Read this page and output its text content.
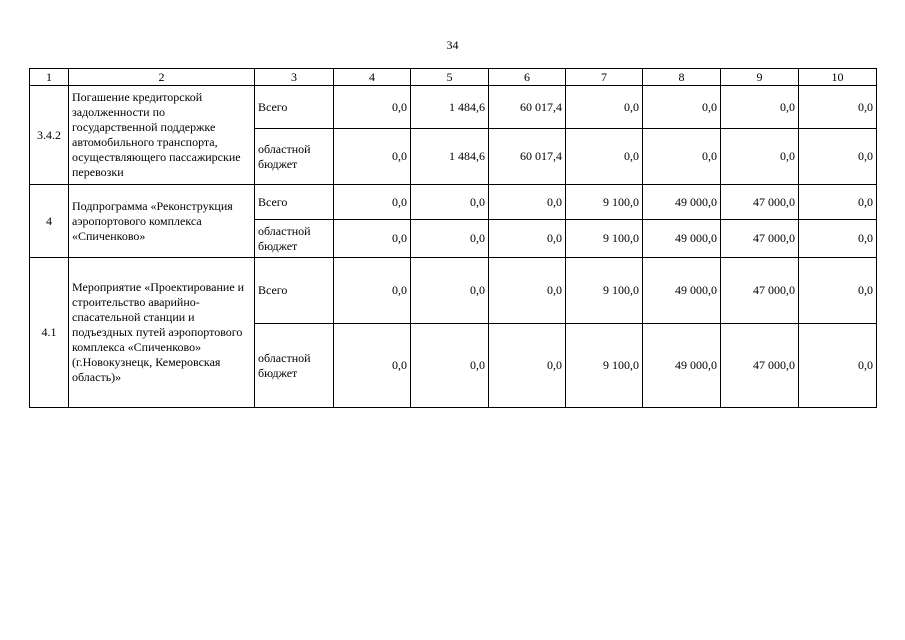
34
1	2	3	4	5	6	7	8	9	10
3.4.2	Погашение кредиторской задолженности по государственной поддержке автомобильного транспорта, осуществляющего пассажирские перевозки	Всего	0,0	1 484,6	60 017,4	0,0	0,0	0,0	0,0
		областной бюджет	0,0	1 484,6	60 017,4	0,0	0,0	0,0	0,0
4	Подпрограмма «Реконструкция аэропортового комплекса «Спиченково»	Всего	0,0	0,0	0,0	9 100,0	49 000,0	47 000,0	0,0
		областной бюджет	0,0	0,0	0,0	9 100,0	49 000,0	47 000,0	0,0
4.1	Мероприятие «Проектирование и строительство аварийно-спасательной станции и подъездных путей аэропортового комплекса «Спиченково» (г.Новокузнецк, Кемеровская область)»	Всего	0,0	0,0	0,0	9 100,0	49 000,0	47 000,0	0,0
		областной бюджет	0,0	0,0	0,0	9 100,0	49 000,0	47 000,0	0,0
